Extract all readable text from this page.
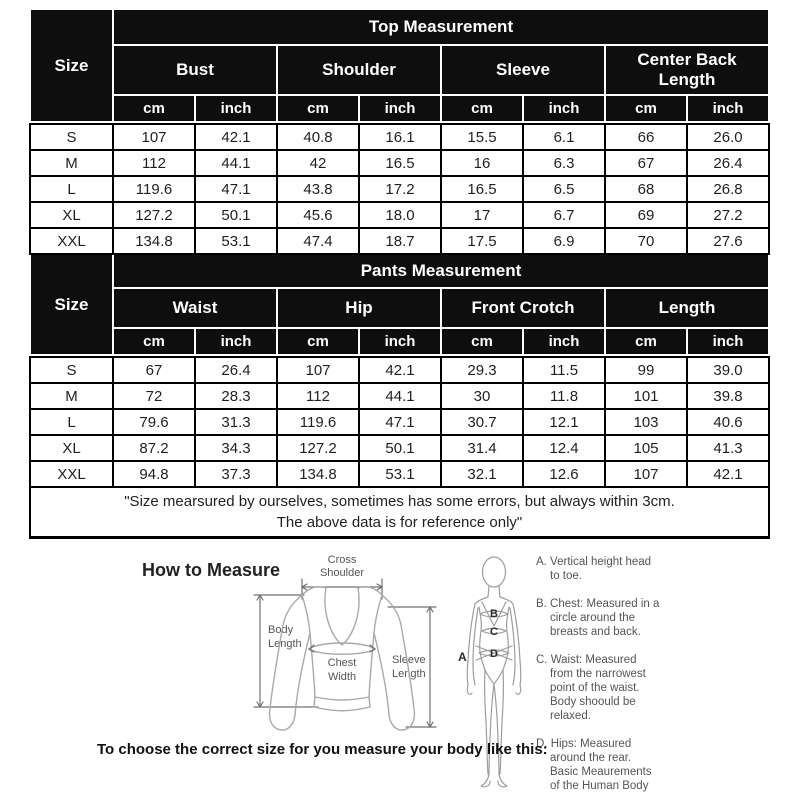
Size
Top Measurement
Bust	Shoulder	Sleeve
Center Back Length
cm	inch	cm	inch	cm	inch	cm	inch
S	107	42.1	40.8	16.1	15.5	6.1	66	26.0
M	112	44.1	42	16.5	16	6.3	67	26.4
L	119.6	47.1	43.8	17.2	16.5	6.5	68	26.8
XL	127.2	50.1	45.6	18.0	17	6.7	69	27.2
XXL	134.8	53.1	47.4	18.7	17.5	6.9	70	27.6
Size
Pants Measurement
Waist	Hip	Front Crotch	Length
cm	inch	cm	inch	cm	inch	cm	inch
S	67	26.4	107	42.1	29.3	11.5	99	39.0
M	72	28.3	112	44.1	30	11.8	101	39.8
L	79.6	31.3	119.6	47.1	30.7	12.1	103	40.6
XL	87.2	34.3	127.2	50.1	31.4	12.4	105	41.3
XXL	94.8	37.3	134.8	53.1	32.1	12.6	107	42.1
"Size mearsured by ourselves, sometimes has some errors, but always within 3cm.
The above data is for reference only"
How to Measure	Cross
Shoulder
Body
Length
Sleeve
Length
Chest
Width
B
C
D
A
A. Vertical height head
to toe.
B. Chest: Measured in a
circle around the
breasts and back.
C. Waist: Measured
from the narrowest
point of the waist.
Body shoould be
relaxed.
D. Hips: Measured
around the rear.
Basic Meaurements
of the Human Body
To choose the correct size for you measure your body like this:
